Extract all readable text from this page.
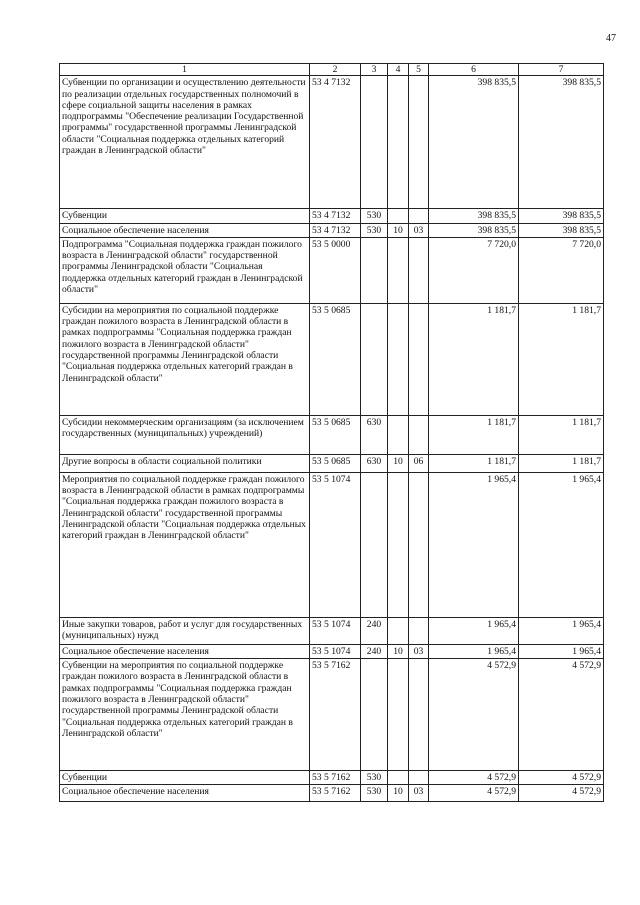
47
1	2	3	4	5	6	7
Субвенции по организации и осуществлению деятельности по реализации отдельных государственных полномочий в сфере социальной защиты населения в рамках подпрограммы "Обеспечение реализации Государственной программы" государственной программы Ленинградской области "Социальная поддержка отдельных категорий граждан в Ленинградской области"	53 4 7132				398 835,5	398 835,5
Субвенции	53 4 7132	530			398 835,5	398 835,5
Социальное обеспечение населения	53 4 7132	530	10	03	398 835,5	398 835,5
Подпрограмма "Социальная поддержка граждан пожилого возраста в Ленинградской области" государственной программы Ленинградской области "Социальная поддержка отдельных категорий граждан в Ленинградской области"	53 5 0000				7 720,0	7 720,0
Субсидии на мероприятия по социальной поддержке граждан пожилого возраста в Ленинградской области в рамках подпрограммы "Социальная поддержка граждан пожилого возраста в Ленинградской области" государственной программы Ленинградской области "Социальная поддержка отдельных категорий граждан в Ленинградской области"	53 5 0685				1 181,7	1 181,7
Субсидии некоммерческим организациям (за исключением государственных (муниципальных) учреждений)	53 5 0685	630			1 181,7	1 181,7
Другие вопросы в области социальной политики	53 5 0685	630	10	06	1 181,7	1 181,7
Мероприятия по социальной поддержке граждан пожилого возраста в Ленинградской области в рамках подпрограммы "Социальная поддержка граждан пожилого возраста в Ленинградской области" государственной программы Ленинградской области "Социальная поддержка отдельных категорий граждан в Ленинградской области"	53 5 1074				1 965,4	1 965,4
Иные закупки товаров, работ и услуг для государственных (муниципальных) нужд	53 5 1074	240			1 965,4	1 965,4
Социальное обеспечение населения	53 5 1074	240	10	03	1 965,4	1 965,4
Субвенции на мероприятия по социальной поддержке граждан пожилого возраста в Ленинградской области в рамках подпрограммы "Социальная поддержка граждан пожилого возраста в Ленинградской области" государственной программы Ленинградской области "Социальная поддержка отдельных категорий граждан в Ленинградской области"	53 5 7162				4 572,9	4 572,9
Субвенции	53 5 7162	530			4 572,9	4 572,9
Социальное обеспечение населения	53 5 7162	530	10	03	4 572,9	4 572,9
